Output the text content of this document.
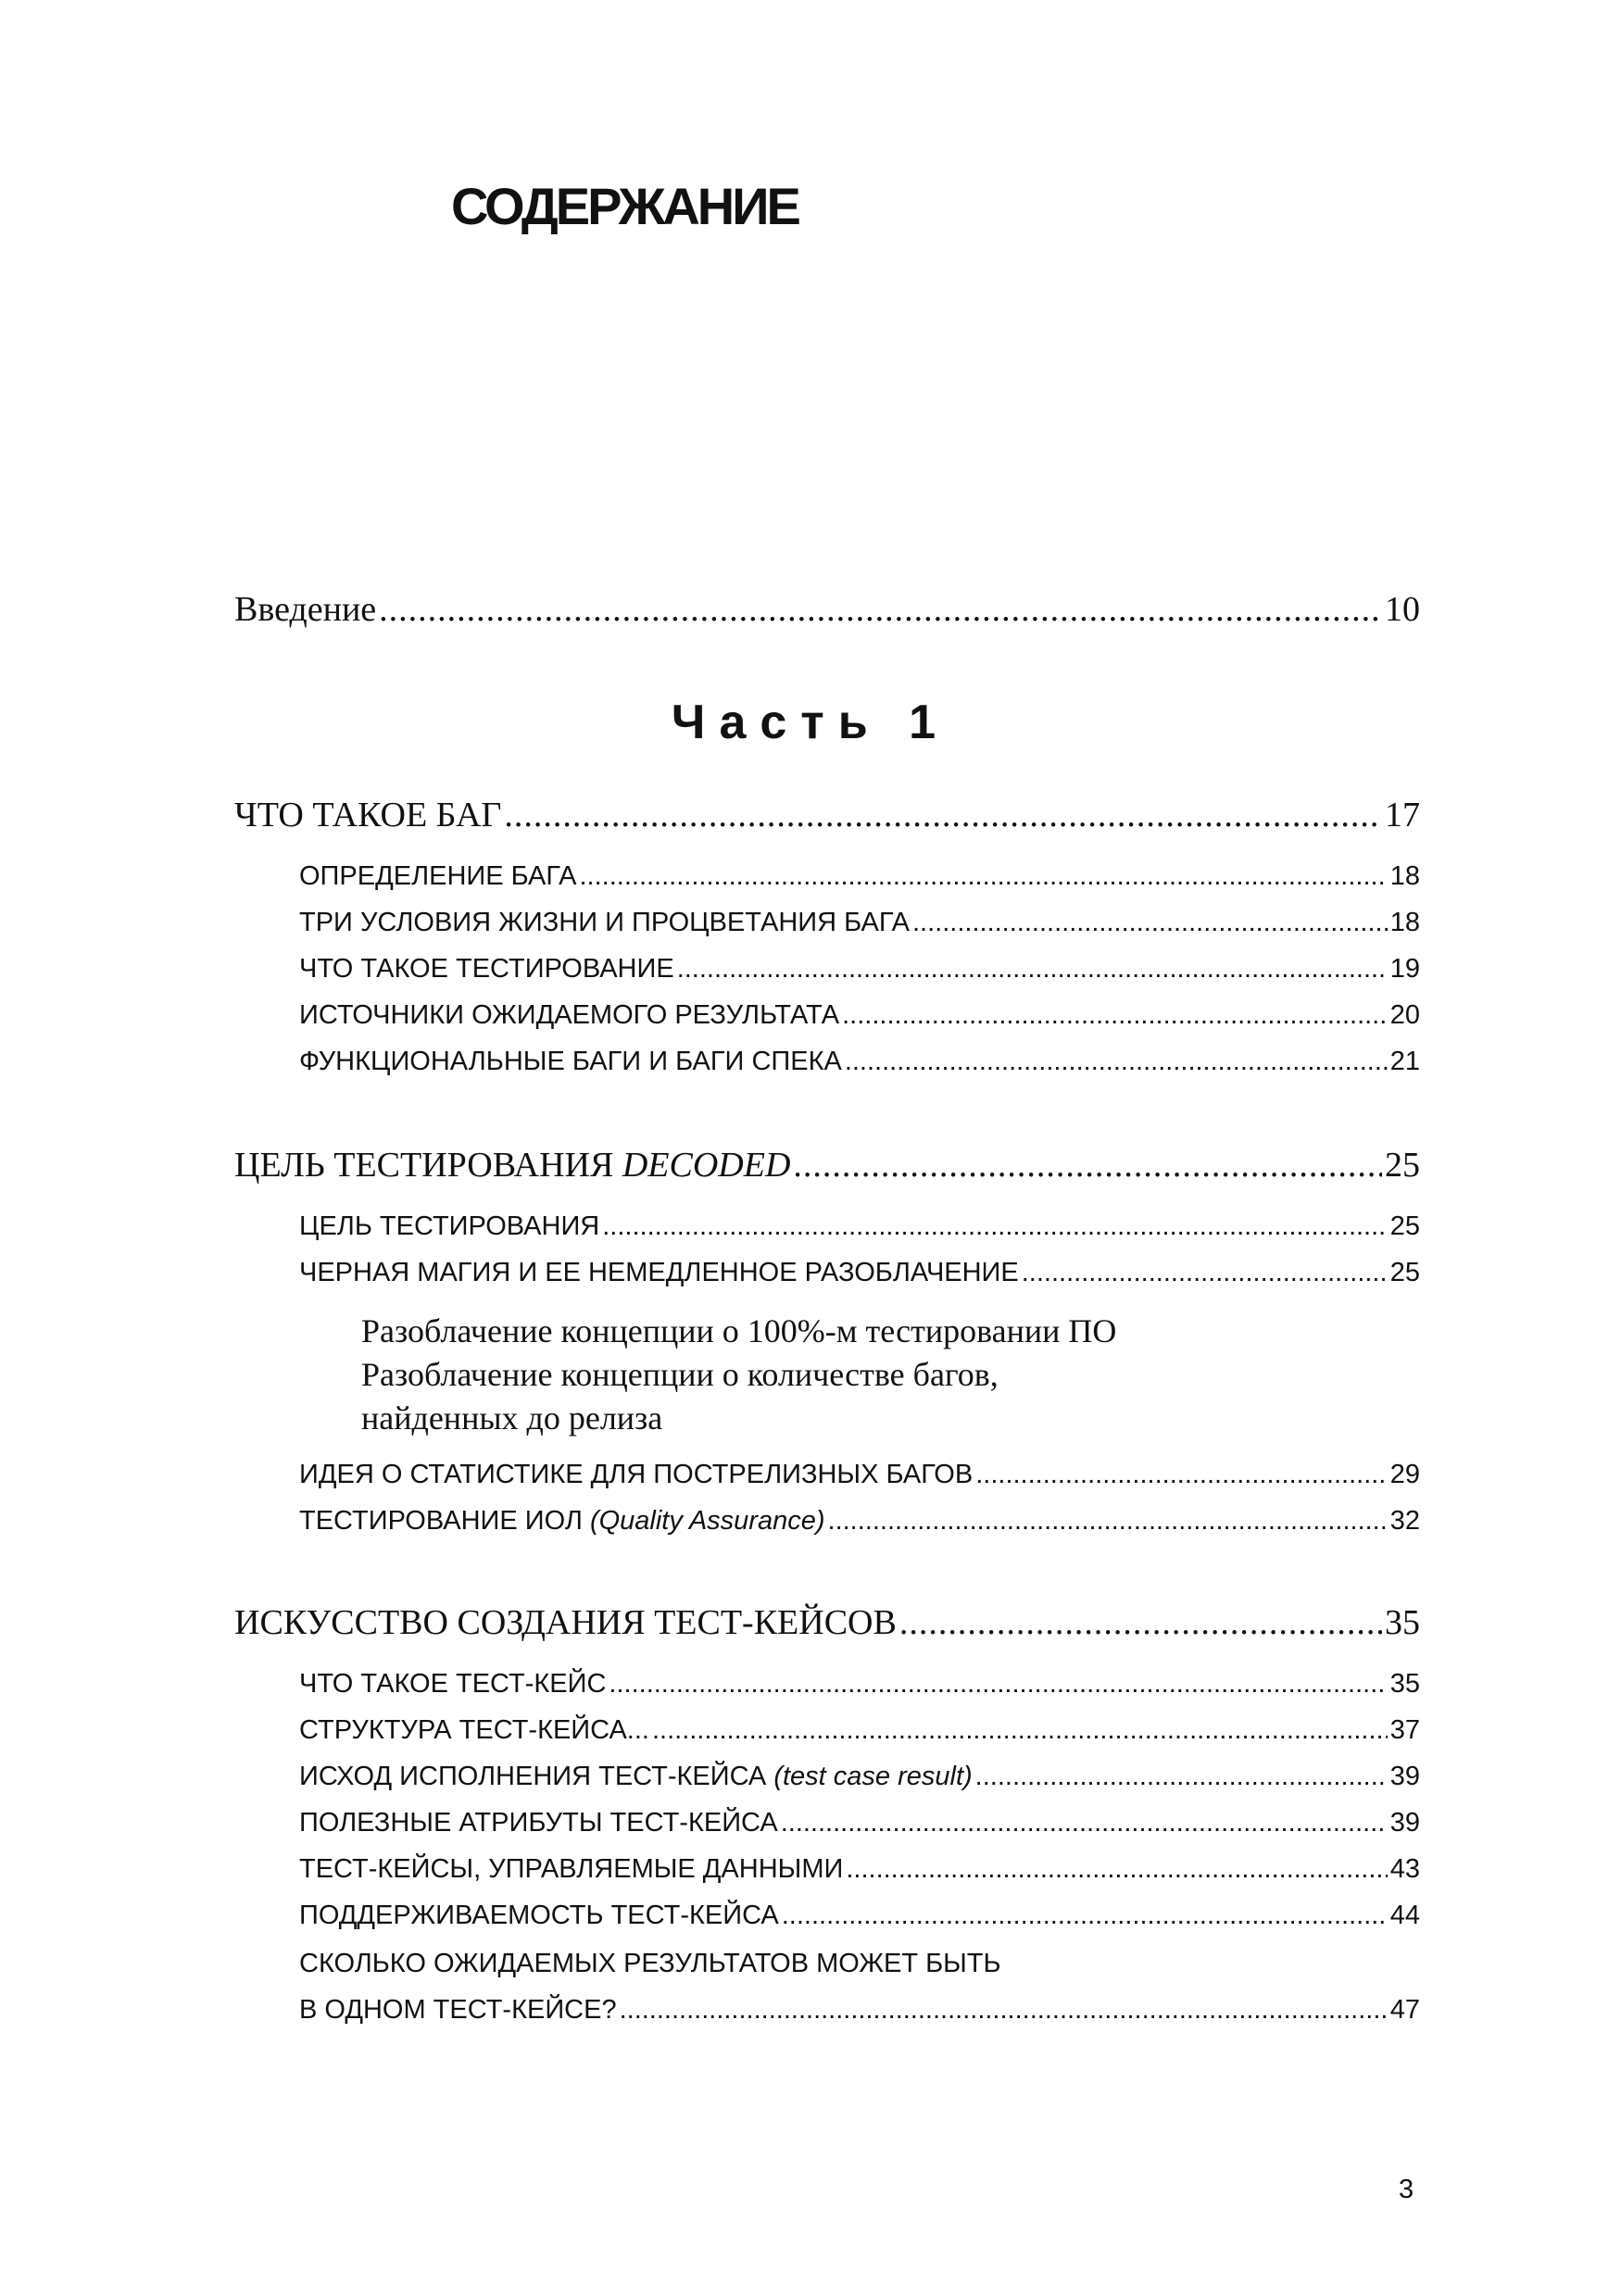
СОДЕРЖАНИЕ
Введение .....	10
Часть 1
ЧТО ТАКОЕ БАГ .....	17
ОПРЕДЕЛЕНИЕ БАГА .....	18
ТРИ УСЛОВИЯ ЖИЗНИ И ПРОЦВЕТАНИЯ БАГА .....	18
ЧТО ТАКОЕ ТЕСТИРОВАНИЕ .....	19
ИСТОЧНИКИ ОЖИДАЕМОГО РЕЗУЛЬТАТА .....	20
ФУНКЦИОНАЛЬНЫЕ БАГИ И БАГИ СПЕКА .....	21
ЦЕЛЬ ТЕСТИРОВАНИЯ DECODED .....	25
ЦЕЛЬ ТЕСТИРОВАНИЯ .....	25
ЧЕРНАЯ МАГИЯ И ЕЕ НЕМЕДЛЕННОЕ РАЗОБЛАЧЕНИЕ .....	25
Разоблачение концепции о 100%-м тестировании ПО
Разоблачение концепции о количестве багов,
найденных до релиза
ИДЕЯ О СТАТИСТИКЕ ДЛЯ ПОСТРЕЛИЗНЫХ БАГОВ .....	29
ТЕСТИРОВАНИЕ ИОЛ (Quality Assurance) .....	32
ИСКУССТВО СОЗДАНИЯ ТЕСТ-КЕЙСОВ .....	35
ЧТО ТАКОЕ ТЕСТ-КЕЙС .....	35
СТРУКТУРА ТЕСТ-КЕЙСА... .....	37
ИСХОД ИСПОЛНЕНИЯ ТЕСТ-КЕЙСА (test case result) .....	39
ПОЛЕЗНЫЕ АТРИБУТЫ ТЕСТ-КЕЙСА .....	39
ТЕСТ-КЕЙСЫ, УПРАВЛЯЕМЫЕ ДАННЫМИ .....	43
ПОДДЕРЖИВАЕМОСТЬ ТЕСТ-КЕЙСА .....	44
СКОЛЬКО ОЖИДАЕМЫХ РЕЗУЛЬТАТОВ МОЖЕТ БЫТЬ
В ОДНОМ ТЕСТ-КЕЙСЕ? .....	47
3
